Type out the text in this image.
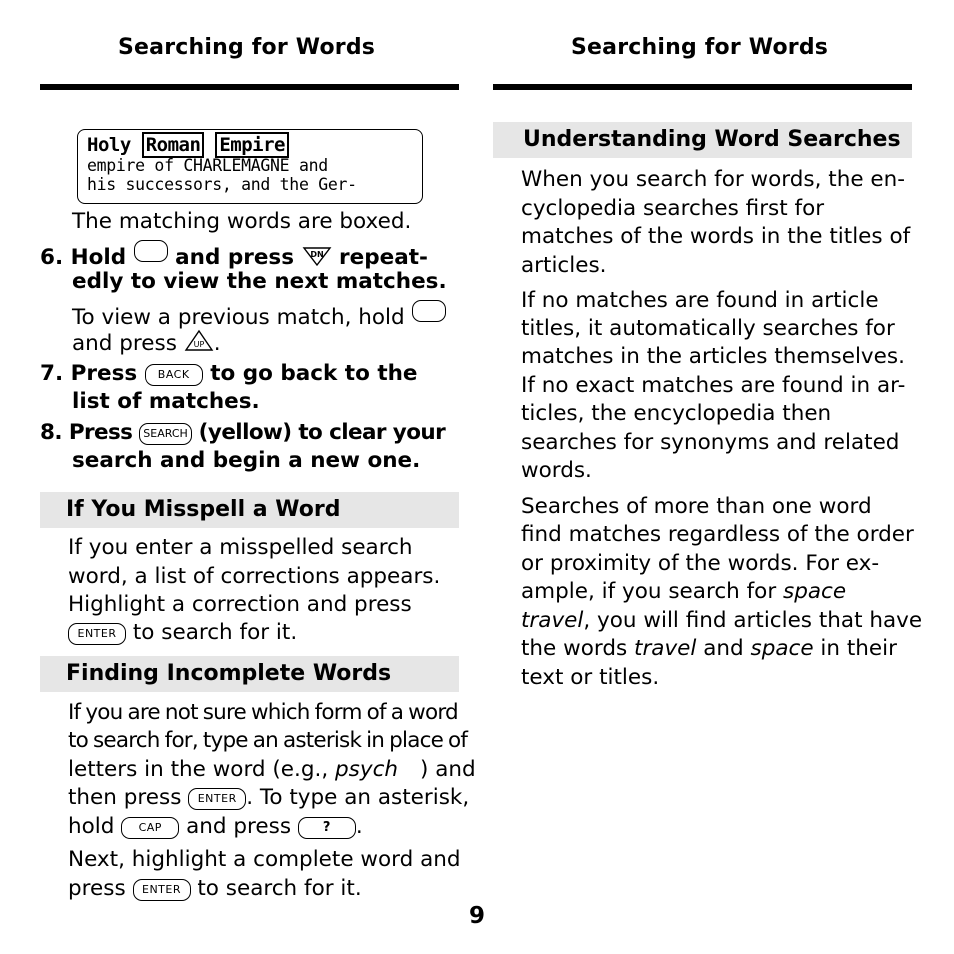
Searching for Words	Searching for Words
Holy Roman Empire
empire of CHARLEMAGNE and
his successors, and the Ger-
The matching words are boxed.
6. Hold and press DN repeat-
edly to view the next matches.
To view a previous match, hold
and press UP .
7. Press BACK to go back to the
list of matches.
8. Press SEARCH (yellow) to clear your
search and begin a new one.
If You Misspell a Word
If you enter a misspelled search
word, a list of corrections appears.
Highlight a correction and press
ENTER to search for it.
Finding Incomplete Words
If you are not sure which form of a word
to search for, type an asterisk in place of
letters in the word (e.g., psych ) and
then press ENTER . To type an asterisk,
hold CAP and press ? .
Next, highlight a complete word and
press ENTER to search for it.
Understanding Word Searches
When you search for words, the en-
cyclopedia searches first for
matches of the words in the titles of
articles.
If no matches are found in article
titles, it automatically searches for
matches in the articles themselves.
If no exact matches are found in ar-
ticles, the encyclopedia then
searches for synonyms and related
words.
Searches of more than one word
find matches regardless of the order
or proximity of the words. For ex-
ample, if you search for space
travel, you will find articles that have
the words travel and space in their
text or titles.
9
